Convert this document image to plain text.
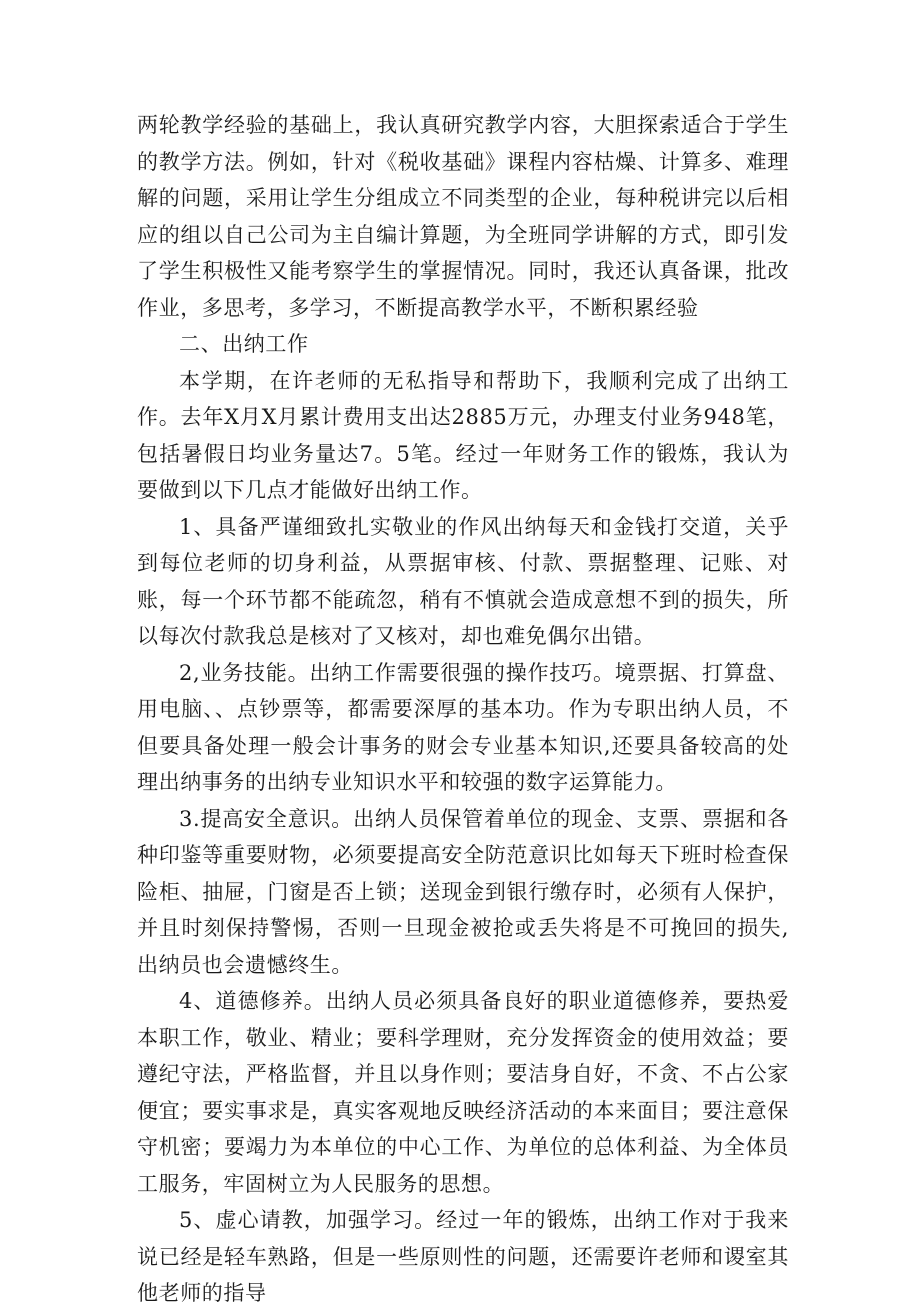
两轮教学经验的基础上，我认真研究教学内容，大胆探索适合于学生的教学方法。例如，针对《税收基础》课程内容枯燥、计算多、难理解的问题，采用让学生分组成立不同类型的企业，每种税讲完以后相应的组以自己公司为主自编计算题，为全班同学讲解的方式，即引发了学生积极性又能考察学生的掌握情况。同时，我还认真备课，批改作业，多思考，多学习，不断提高教学水平，不断积累经验

二、出纳工作

本学期，在许老师的无私指导和帮助下，我顺利完成了出纳工作。去年X月X月累计费用支出达2885万元，办理支付业务948笔，包括暑假日均业务量达7。5笔。经过一年财务工作的锻炼，我认为要做到以下几点才能做好出纳工作。

1、具备严谨细致扎实敬业的作风出纳每天和金钱打交道，关乎到每位老师的切身利益，从票据审核、付款、票据整理、记账、对账，每一个环节都不能疏忽，稍有不慎就会造成意想不到的损失，所以每次付款我总是核对了又核对，却也难免偶尔出错。

2,业务技能。出纳工作需要很强的操作技巧。境票据、打算盘、用电脑、、点钞票等，都需要深厚的基本功。作为专职出纳人员，不但要具备处理一般会计事务的财会专业基本知识,还要具备较高的处理出纳事务的出纳专业知识水平和较强的数字运算能力。

3.提高安全意识。出纳人员保管着单位的现金、支票、票据和各种印鉴等重要财物，必须要提高安全防范意识比如每天下班时检查保险柜、抽屉，门窗是否上锁；送现金到银行缴存时，必须有人保护，并且时刻保持警惕，否则一旦现金被抢或丢失将是不可挽回的损失,出纳员也会遗憾终生。

4、道德修养。出纳人员必须具备良好的职业道德修养，要热爱本职工作，敬业、精业；要科学理财，充分发挥资金的使用效益；要遵纪守法，严格监督，并且以身作则；要洁身自好，不贪、不占公家便宜；要实事求是，真实客观地反映经济活动的本来面目；要注意保守机密；要竭力为本单位的中心工作、为单位的总体利益、为全体员工服务，牢固树立为人民服务的思想。

5、虚心请教，加强学习。经过一年的锻炼，出纳工作对于我来说已经是轻车熟路，但是一些原则性的问题，还需要许老师和谡室其他老师的指导
